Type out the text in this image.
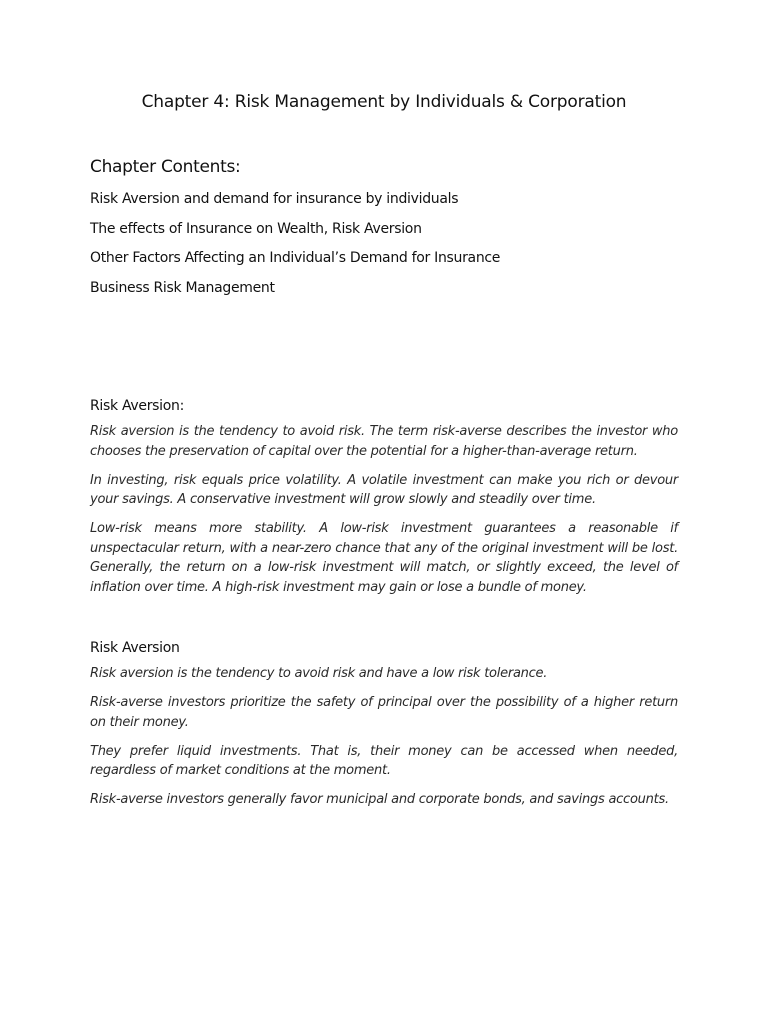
Chapter 4: Risk Management by Individuals & Corporation
Chapter Contents:
Risk Aversion and demand for insurance by individuals
The effects of Insurance on Wealth, Risk Aversion
Other Factors Affecting an Individual’s Demand for Insurance
Business Risk Management
Risk Aversion:

Risk aversion is the tendency to avoid risk. The term risk-averse describes the investor who chooses the preservation of capital over the potential for a higher-than-average return.

In investing, risk equals price volatility. A volatile investment can make you rich or devour your savings. A conservative investment will grow slowly and steadily over time.

Low-risk means more stability. A low-risk investment guarantees a reasonable if unspectacular return, with a near-zero chance that any of the original investment will be lost. Generally, the return on a low-risk investment will match, or slightly exceed, the level of inflation over time. A high-risk investment may gain or lose a bundle of money.

Risk Aversion

Risk aversion is the tendency to avoid risk and have a low risk tolerance.

Risk-averse investors prioritize the safety of principal over the possibility of a higher return on their money.

They prefer liquid investments. That is, their money can be accessed when needed, regardless of market conditions at the moment.

Risk-averse investors generally favor municipal and corporate bonds, and savings accounts.
